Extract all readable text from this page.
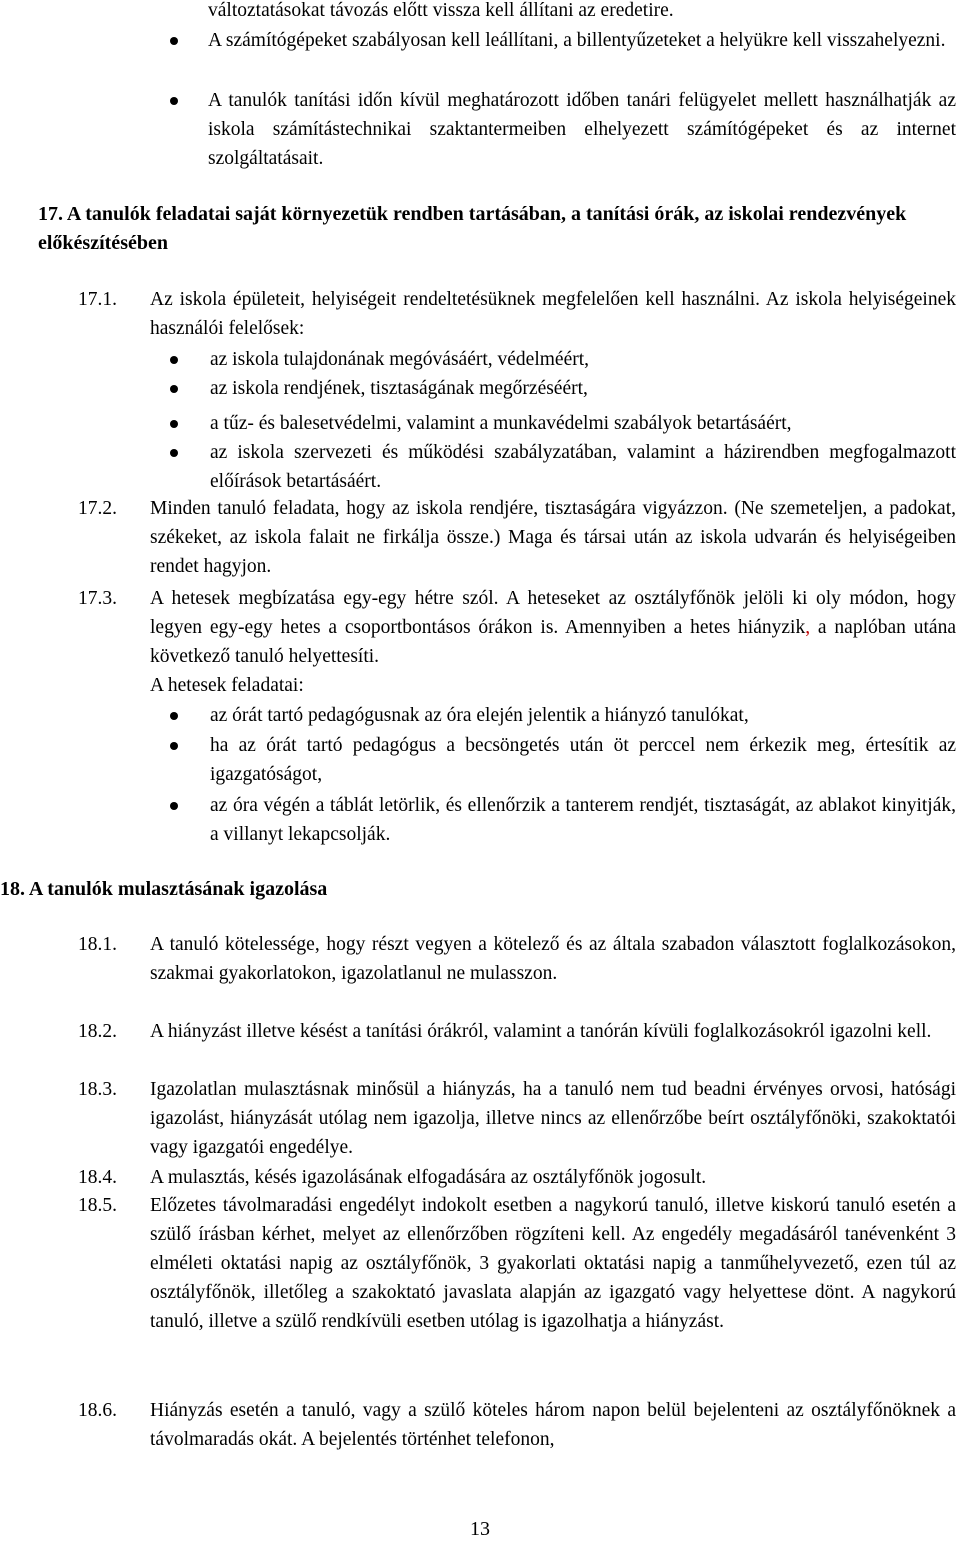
változtatásokat távozás előtt vissza kell állítani az eredetire.

A számítógépeket szabályosan kell leállítani, a billentyűzeteket a helyükre kell visszahelyezni.

A tanulók tanítási időn kívül meghatározott időben tanári felügyelet mellett használhatják az iskola számítástechnikai szaktantermeiben elhelyezett számítógépeket és az internet szolgáltatásait.

17. A tanulók feladatai saját környezetük rendben tartásában, a tanítási órák, az iskolai rendezvények előkészítésében

17.1. Az iskola épületeit, helyiségeit rendeltetésüknek megfelelően kell használni. Az iskola helyiségeinek használói felelősek:

az iskola tulajdonának megóvásáért, védelméért,

az iskola rendjének, tisztaságának megőrzéséért,

a tűz- és balesetvédelmi, valamint a munkavédelmi szabályok betartásáért,

az iskola szervezeti és működési szabályzatában, valamint a házirendben megfogalmazott előírások betartásáért.

17.2. Minden tanuló feladata, hogy az iskola rendjére, tisztaságára vigyázzon. (Ne szemeteljen, a padokat, székeket, az iskola falait ne firkálja össze.) Maga és társai után az iskola udvarán és helyiségeiben rendet hagyjon.

17.3. A hetesek megbízatása egy-egy hétre szól. A heteseket az osztályfőnök jelöli ki oly módon, hogy legyen egy-egy hetes a csoportbontásos órákon is. Amennyiben a hetes hiányzik, a naplóban utána következő tanuló helyettesíti.

A hetesek feladatai:

az órát tartó pedagógusnak az óra elején jelentik a hiányzó tanulókat,

ha az órát tartó pedagógus a becsöngetés után öt perccel nem érkezik meg, értesítik az igazgatóságot,

az óra végén a táblát letörlik, és ellenőrzik a tanterem rendjét, tisztaságát, az ablakot kinyitják, a villanyt lekapcsolják.

18. A tanulók mulasztásának igazolása

18.1. A tanuló kötelessége, hogy részt vegyen a kötelező és az általa szabadon választott foglalkozásokon, szakmai gyakorlatokon, igazolatlanul ne mulasszon.

18.2. A hiányzást illetve késést a tanítási órákról, valamint a tanórán kívüli foglalkozásokról igazolni kell.

18.3. Igazolatlan mulasztásnak minősül a hiányzás, ha a tanuló nem tud beadni érvényes orvosi, hatósági igazolást, hiányzását utólag nem igazolja, illetve nincs az ellenőrzőbe beírt osztályfőnöki, szakoktatói vagy igazgatói engedélye.

18.4. A mulasztás, késés igazolásának elfogadására az osztályfőnök jogosult.

18.5. Előzetes távolmaradási engedélyt indokolt esetben a nagykorú tanuló, illetve kiskorú tanuló esetén a szülő írásban kérhet, melyet az ellenőrzőben rögzíteni kell. Az engedély megadásáról tanévenként 3 elméleti oktatási napig az osztályfőnök, 3 gyakorlati oktatási napig a tanműhelyvezető, ezen túl az osztályfőnök, illetőleg a szakoktató javaslata alapján az igazgató vagy helyettese dönt. A nagykorú tanuló, illetve a szülő rendkívüli esetben utólag is igazolhatja a hiányzást.

18.6. Hiányzás esetén a tanuló, vagy a szülő köteles három napon belül bejelenteni az osztályfőnöknek a távolmaradás okát. A bejelentés történhet telefonon,

13
